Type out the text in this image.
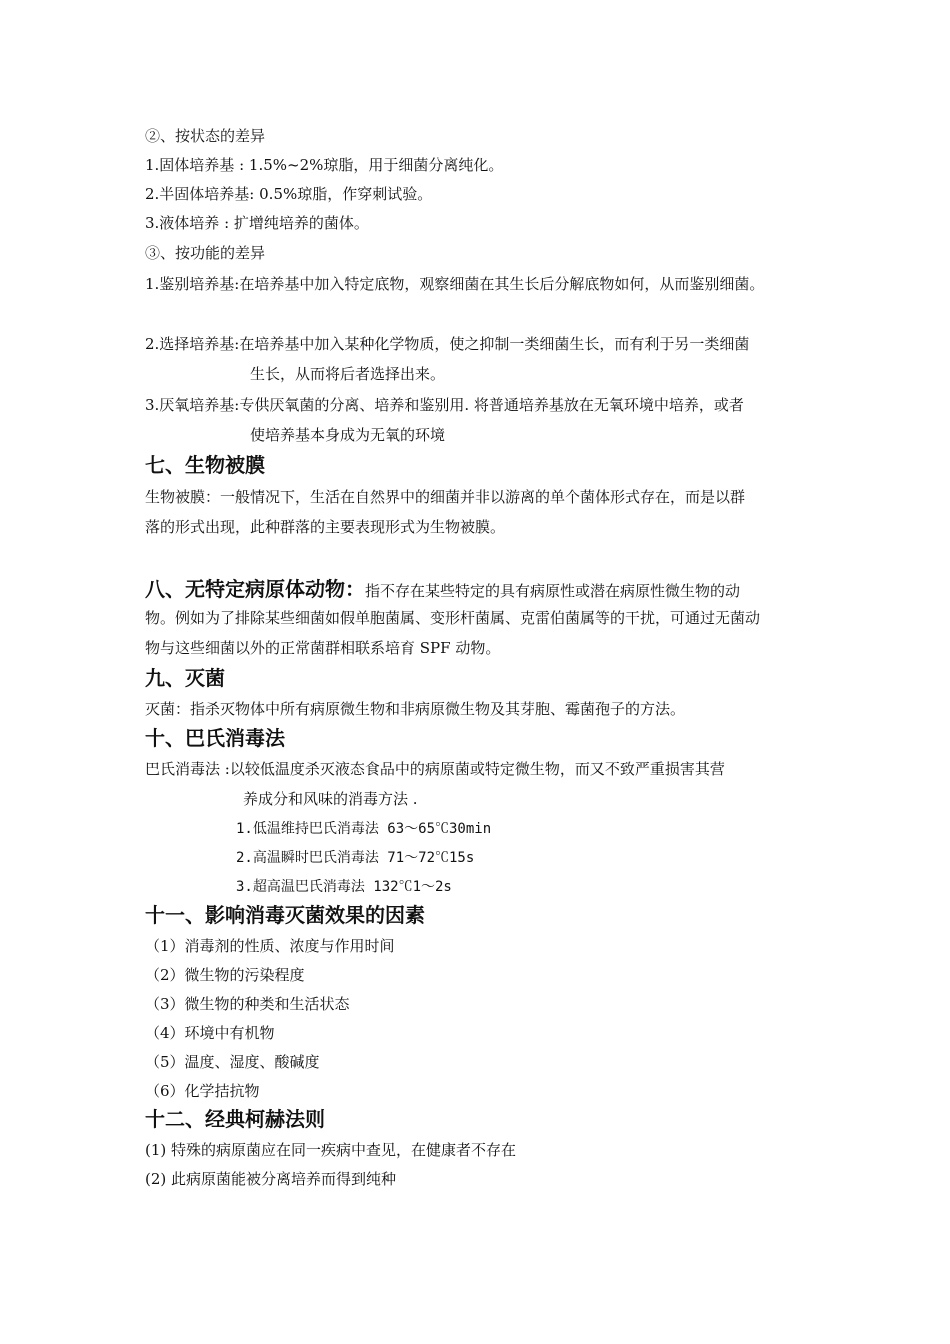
②、按状态的差异
1.固体培养基 : 1.5%~2%琼脂，用于细菌分离纯化。
2.半固体培养基: 0.5%琼脂，作穿刺试验。
3.液体培养 : 扩增纯培养的菌体。
③、按功能的差异
1.鉴别培养基:在培养基中加入特定底物，观察细菌在其生长后分解底物如何，从而鉴别细菌。
2.选择培养基:在培养基中加入某种化学物质，使之抑制一类细菌生长，而有利于另一类细菌
生长，从而将后者选择出来。
3.厌氧培养基:专供厌氧菌的分离、培养和鉴别用. 将普通培养基放在无氧环境中培养，或者
使培养基本身成为无氧的环境
七、生物被膜
生物被膜：一般情况下，生活在自然界中的细菌并非以游离的单个菌体形式存在，而是以群
落的形式出现，此种群落的主要表现形式为生物被膜。
八、无特定病原体动物：指不存在某些特定的具有病原性或潜在病原性微生物的动
物。例如为了排除某些细菌如假单胞菌属、变形杆菌属、克雷伯菌属等的干扰，可通过无菌动
物与这些细菌以外的正常菌群相联系培育 SPF 动物。
九、灭菌
灭菌：指杀灭物体中所有病原微生物和非病原微生物及其芽胞、霉菌孢子的方法。
十、巴氏消毒法
巴氏消毒法 :以较低温度杀灭液态食品中的病原菌或特定微生物，而又不致严重损害其营
养成分和风味的消毒方法 .
1.低温维持巴氏消毒法 63～65℃30min
2.高温瞬时巴氏消毒法 71～72℃15s
3.超高温巴氏消毒法 132℃1～2s
十一、影响消毒灭菌效果的因素
（1）消毒剂的性质、浓度与作用时间
（2）微生物的污染程度
（3）微生物的种类和生活状态
（4）环境中有机物
（5）温度、湿度、酸碱度
（6）化学拮抗物
十二、经典柯赫法则
(1) 特殊的病原菌应在同一疾病中查见，在健康者不存在
(2) 此病原菌能被分离培养而得到纯种
